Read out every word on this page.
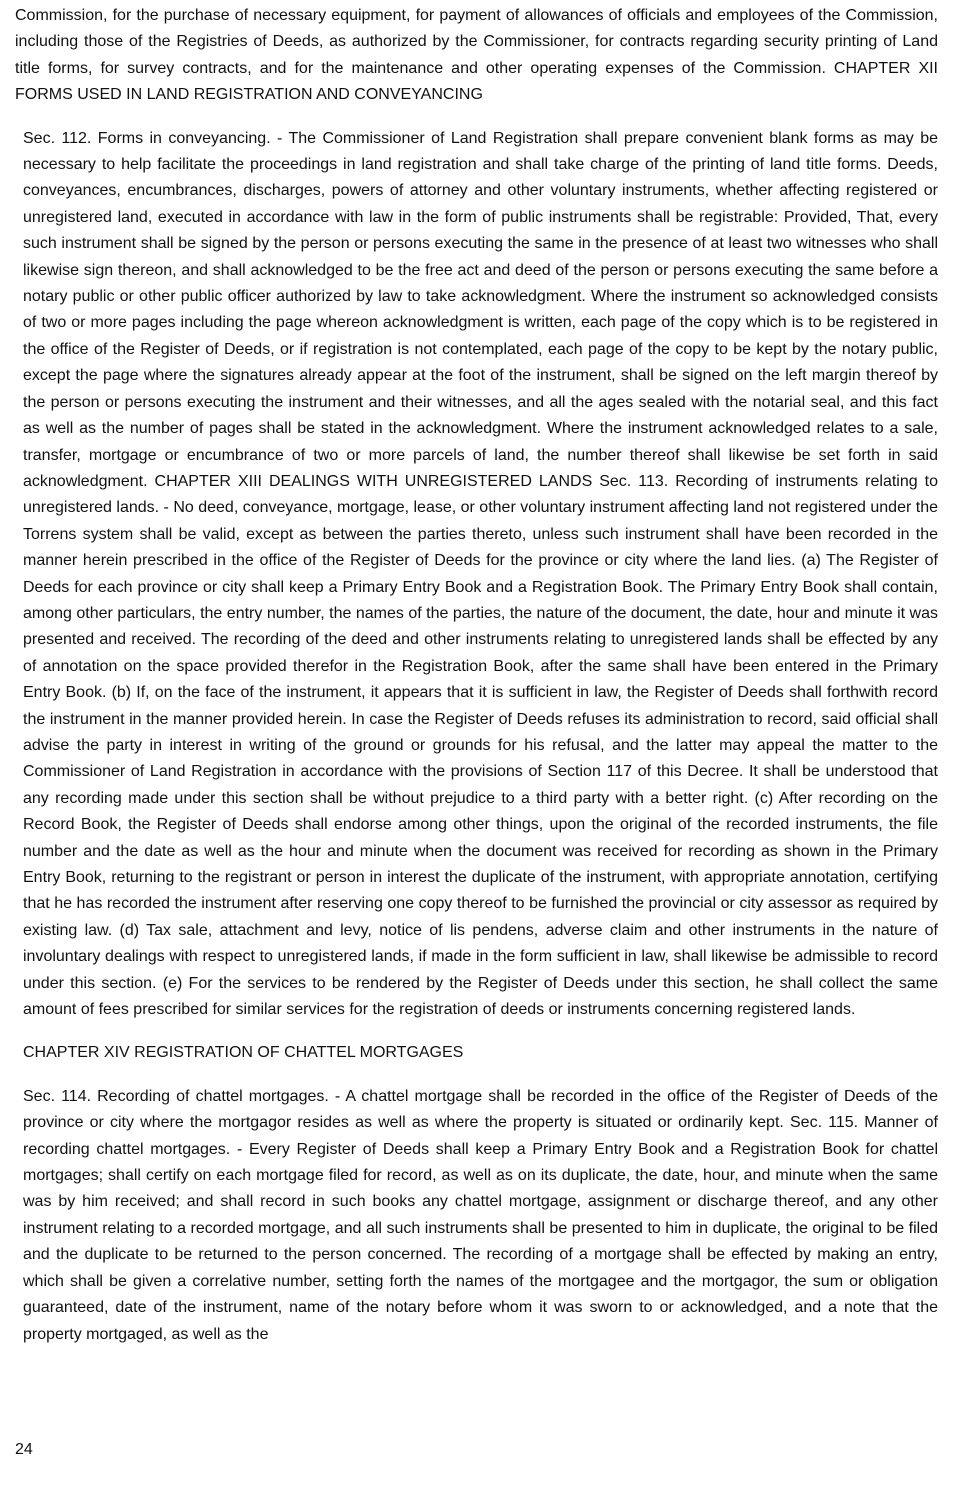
Commission, for the purchase of necessary equipment, for payment of allowances of officials and employees of the Commission, including those of the Registries of Deeds, as authorized by the Commissioner, for contracts regarding security printing of Land title forms, for survey contracts, and for the maintenance and other operating expenses of the Commission. CHAPTER XII FORMS USED IN LAND REGISTRATION AND CONVEYANCING

Sec. 112. Forms in conveyancing. - The Commissioner of Land Registration shall prepare convenient blank forms as may be necessary to help facilitate the proceedings in land registration and shall take charge of the printing of land title forms. Deeds, conveyances, encumbrances, discharges, powers of attorney and other voluntary instruments, whether affecting registered or unregistered land, executed in accordance with law in the form of public instruments shall be registrable: Provided, That, every such instrument shall be signed by the person or persons executing the same in the presence of at least two witnesses who shall likewise sign thereon, and shall acknowledged to be the free act and deed of the person or persons executing the same before a notary public or other public officer authorized by law to take acknowledgment. Where the instrument so acknowledged consists of two or more pages including the page whereon acknowledgment is written, each page of the copy which is to be registered in the office of the Register of Deeds, or if registration is not contemplated, each page of the copy to be kept by the notary public, except the page where the signatures already appear at the foot of the instrument, shall be signed on the left margin thereof by the person or persons executing the instrument and their witnesses, and all the ages sealed with the notarial seal, and this fact as well as the number of pages shall be stated in the acknowledgment. Where the instrument acknowledged relates to a sale, transfer, mortgage or encumbrance of two or more parcels of land, the number thereof shall likewise be set forth in said acknowledgment. CHAPTER XIII DEALINGS WITH UNREGISTERED LANDS Sec. 113. Recording of instruments relating to unregistered lands. - No deed, conveyance, mortgage, lease, or other voluntary instrument affecting land not registered under the Torrens system shall be valid, except as between the parties thereto, unless such instrument shall have been recorded in the manner herein prescribed in the office of the Register of Deeds for the province or city where the land lies. (a) The Register of Deeds for each province or city shall keep a Primary Entry Book and a Registration Book. The Primary Entry Book shall contain, among other particulars, the entry number, the names of the parties, the nature of the document, the date, hour and minute it was presented and received. The recording of the deed and other instruments relating to unregistered lands shall be effected by any of annotation on the space provided therefor in the Registration Book, after the same shall have been entered in the Primary Entry Book. (b) If, on the face of the instrument, it appears that it is sufficient in law, the Register of Deeds shall forthwith record the instrument in the manner provided herein. In case the Register of Deeds refuses its administration to record, said official shall advise the party in interest in writing of the ground or grounds for his refusal, and the latter may appeal the matter to the Commissioner of Land Registration in accordance with the provisions of Section 117 of this Decree. It shall be understood that any recording made under this section shall be without prejudice to a third party with a better right. (c) After recording on the Record Book, the Register of Deeds shall endorse among other things, upon the original of the recorded instruments, the file number and the date as well as the hour and minute when the document was received for recording as shown in the Primary Entry Book, returning to the registrant or person in interest the duplicate of the instrument, with appropriate annotation, certifying that he has recorded the instrument after reserving one copy thereof to be furnished the provincial or city assessor as required by existing law. (d) Tax sale, attachment and levy, notice of lis pendens, adverse claim and other instruments in the nature of involuntary dealings with respect to unregistered lands, if made in the form sufficient in law, shall likewise be admissible to record under this section. (e) For the services to be rendered by the Register of Deeds under this section, he shall collect the same amount of fees prescribed for similar services for the registration of deeds or instruments concerning registered lands.

CHAPTER XIV REGISTRATION OF CHATTEL MORTGAGES

Sec. 114. Recording of chattel mortgages. - A chattel mortgage shall be recorded in the office of the Register of Deeds of the province or city where the mortgagor resides as well as where the property is situated or ordinarily kept. Sec. 115. Manner of recording chattel mortgages. - Every Register of Deeds shall keep a Primary Entry Book and a Registration Book for chattel mortgages; shall certify on each mortgage filed for record, as well as on its duplicate, the date, hour, and minute when the same was by him received; and shall record in such books any chattel mortgage, assignment or discharge thereof, and any other instrument relating to a recorded mortgage, and all such instruments shall be presented to him in duplicate, the original to be filed and the duplicate to be returned to the person concerned. The recording of a mortgage shall be effected by making an entry, which shall be given a correlative number, setting forth the names of the mortgagee and the mortgagor, the sum or obligation guaranteed, date of the instrument, name of the notary before whom it was sworn to or acknowledged, and a note that the property mortgaged, as well as the

24
